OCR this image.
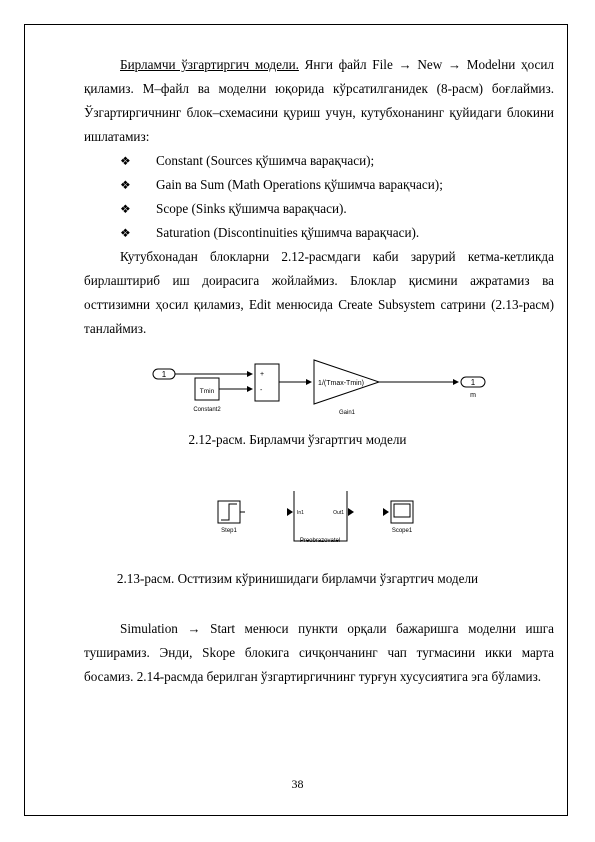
Бирламчи ўзгартиргич модели. Янги файл File → New → Modelни ҳосил қиламиз. М–файл ва моделни юқорида кўрсатилганидек (8-расм) боғлаймиз. Ўзгартиргичнинг блок–схемасини қуриш учун, кутубхонанинг қуйидаги блокини ишлатамиз:
❖ Constant (Sources қўшимча варақчаси);
❖ Gain ва Sum (Math Operations қўшимча варақчаси);
❖ Scope (Sinks қўшимча варақчаси).
❖ Saturation (Discontinuities қўшимча варақчаси).
Кутубхонадан блокларни 2.12-расмдаги каби зарурий кетма-кетликда бирлаштириб иш доирасига жойлаймиз. Блоклар қисмини ажратамиз ва осттизимни ҳосил қиламиз, Edit менюсида Create Subsystem сатрини (2.13-расм) танлаймиз.
1
Tmin
Constant2
+
-
1/(Tmax-Tmin)
Gain1
1
m
2.12-расм. Бирламчи ўзгартгич модели
Step1
In1	Out1
Preobrazovatel
Scope1
2.13-расм. Осттизим кўринишидаги бирламчи ўзгартгич модели
Simulation → Start менюси пункти орқали бажаришга моделни ишга туширамиз. Энди, Skope блокига сичқончанинг чап тугмасини икки марта босамиз. 2.14-расмда берилган ўзгартиргичнинг турғун хусусиятига эга бўламиз.
38
